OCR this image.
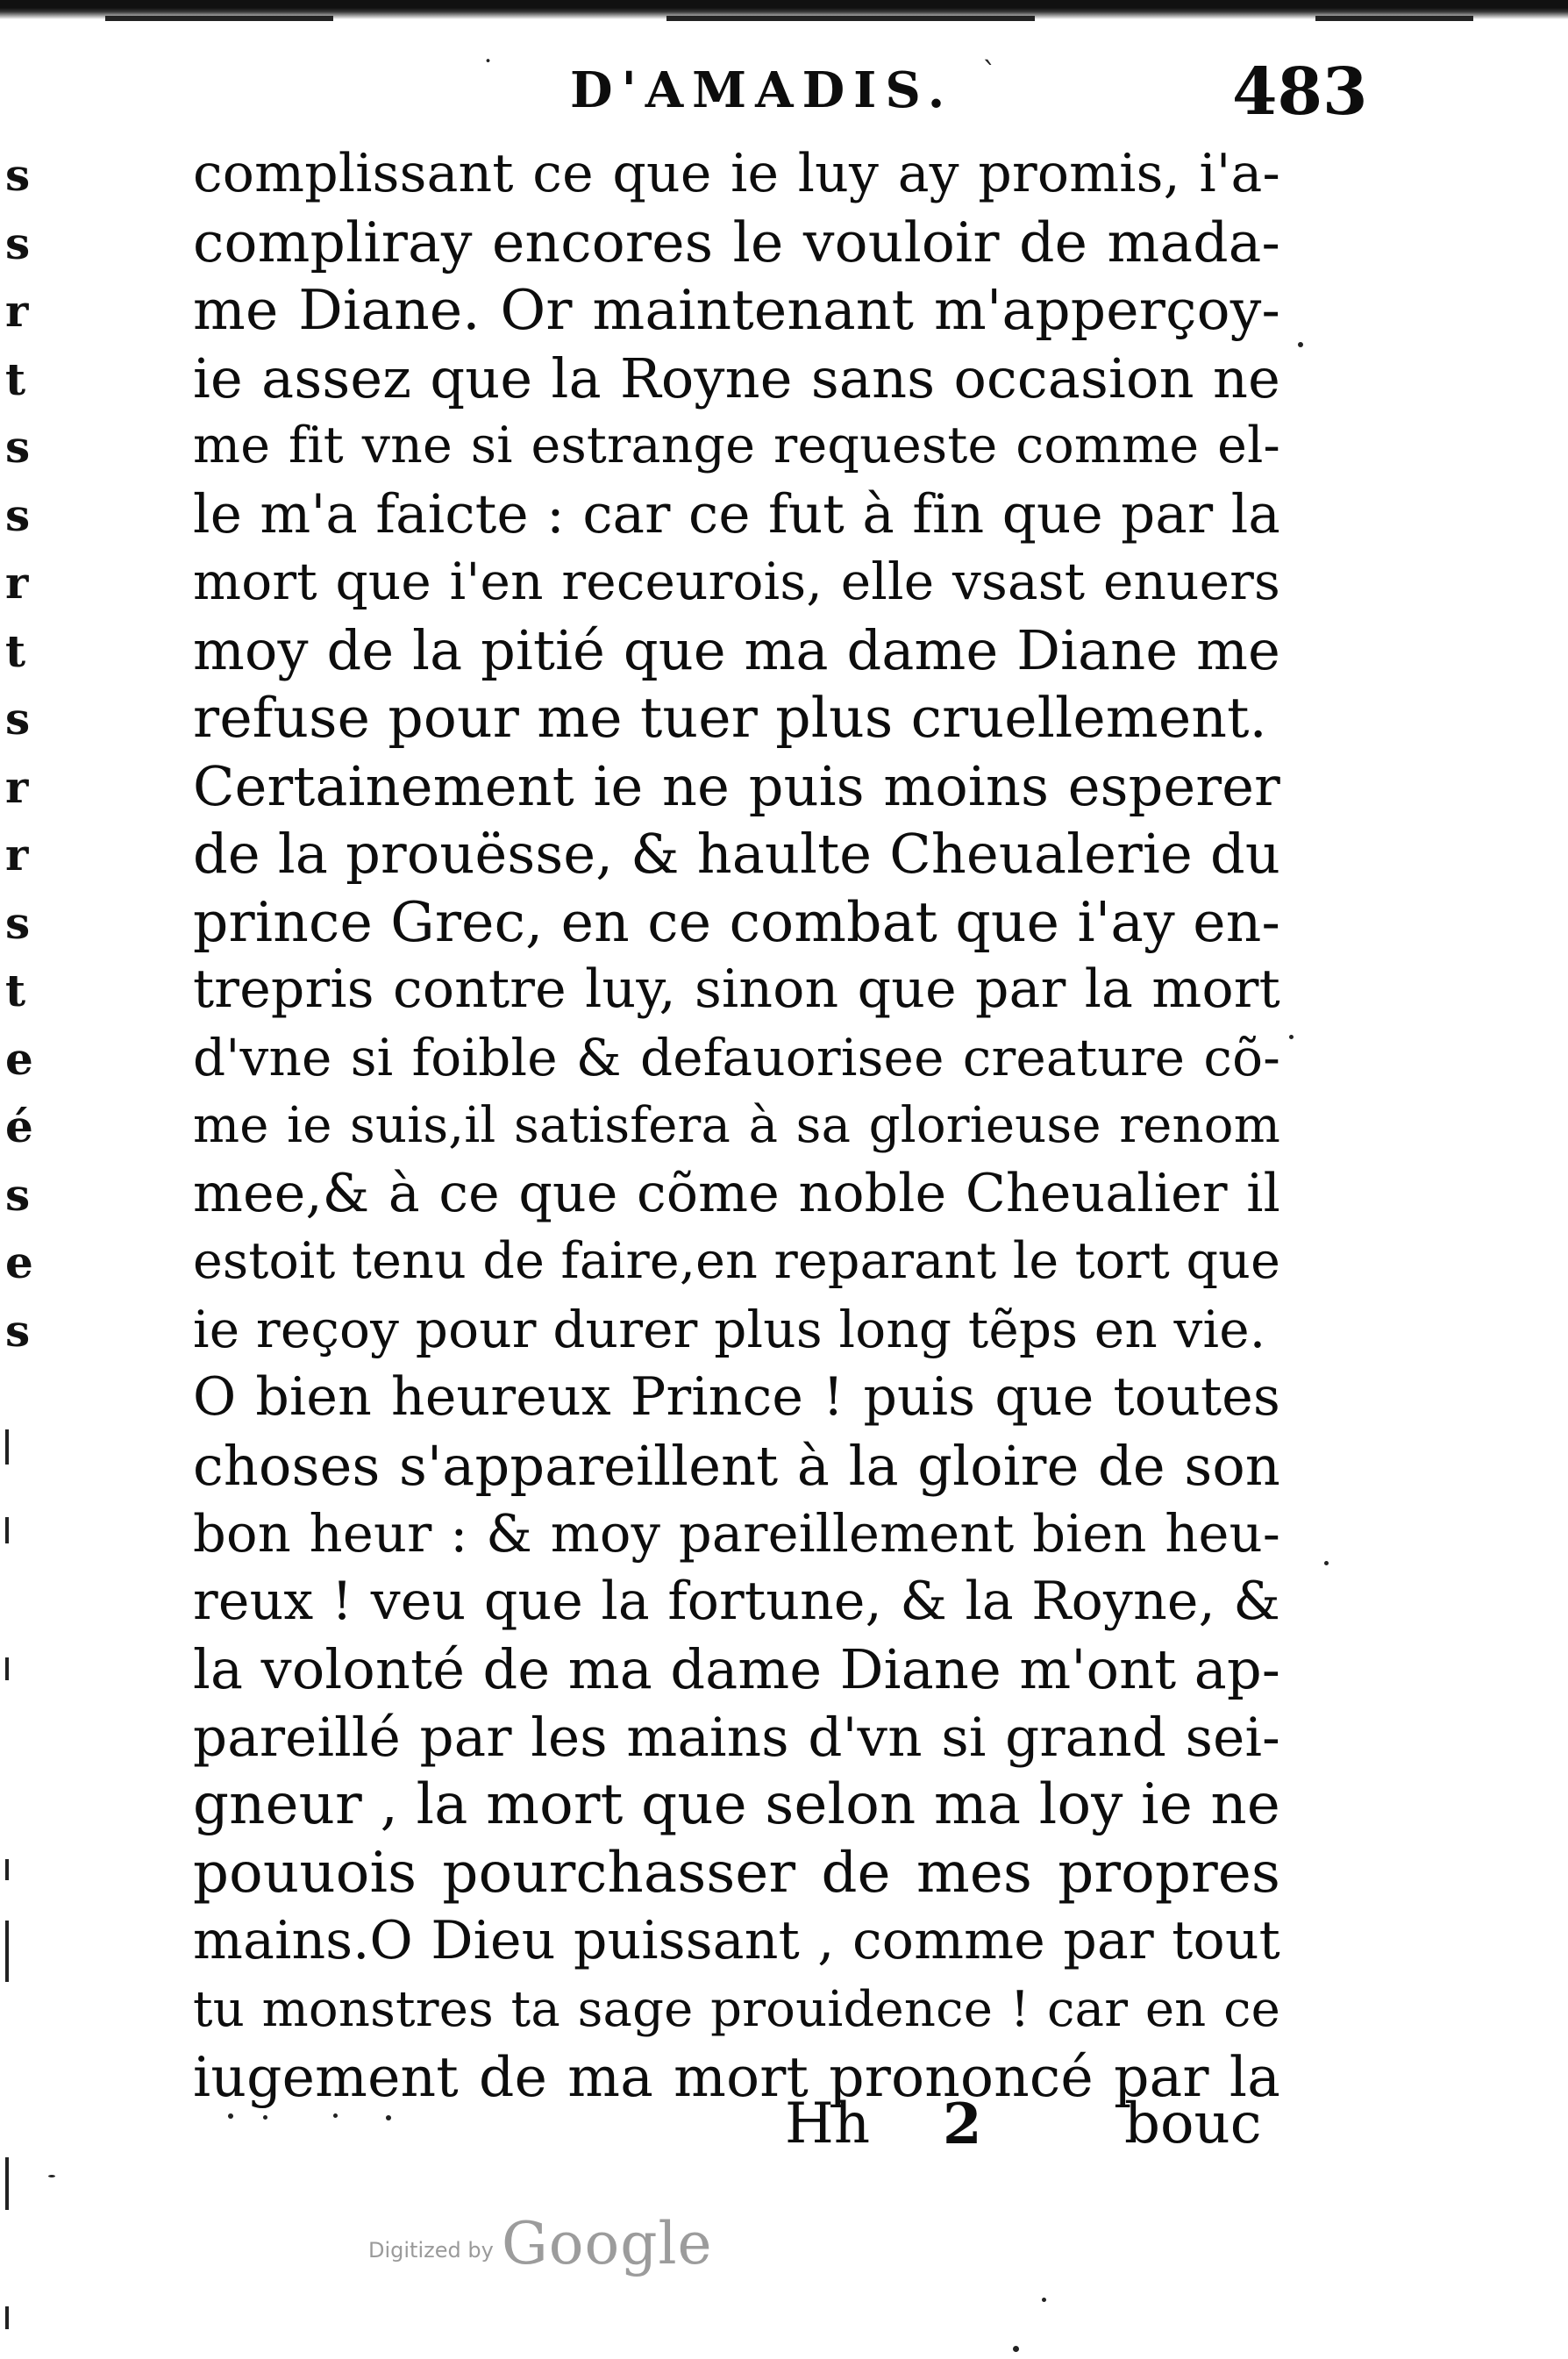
˙ D'AMADIS. ˋ	483
s
s
r
t
s
s
r
t
s
r
r
s
t
e
é
s
e
s
complissant ce que ie luy ay promis, i'a-
compliray encores le vouloir de mada-
me Diane. Or maintenant m'apperçoy-
ie assez que la Royne sans occasion ne
me fit vne si estrange requeste comme el-
le m'a faicte : car ce fut à fin que par la
mort que i'en receurois, elle vsast enuers
moy de la pitié que ma dame Diane me
refuse pour me tuer plus cruellement.
Certainement ie ne puis moins esperer
de la prouësse, & haulte Cheualerie du
prince Grec, en ce combat que i'ay en-
trepris contre luy, sinon que par la mort
d'vne si foible & defauorisee creature cõ-
me ie suis,il satisfera à sa glorieuse renom
mee,& à ce que cõme noble Cheualier il
estoit tenu de faire,en reparant le tort que
ie reçoy pour durer plus long tẽps en vie.
O bien heureux Prince ! puis que toutes
choses s'appareillent à la gloire de son
bon heur : & moy pareillement bien heu-
reux ! veu que la fortune, & la Royne, &
la volonté de ma dame Diane m'ont ap-
pareillé par les mains d'vn si grand sei-
gneur , la mort que selon ma loy ie ne
pouuois pourchasser de mes propres
mains.O Dieu puissant , comme par tout
tu monstres ta sage prouidence ! car en ce
iugement de ma mort prononcé par la
Hh 2	bouc
Digitized by Google
